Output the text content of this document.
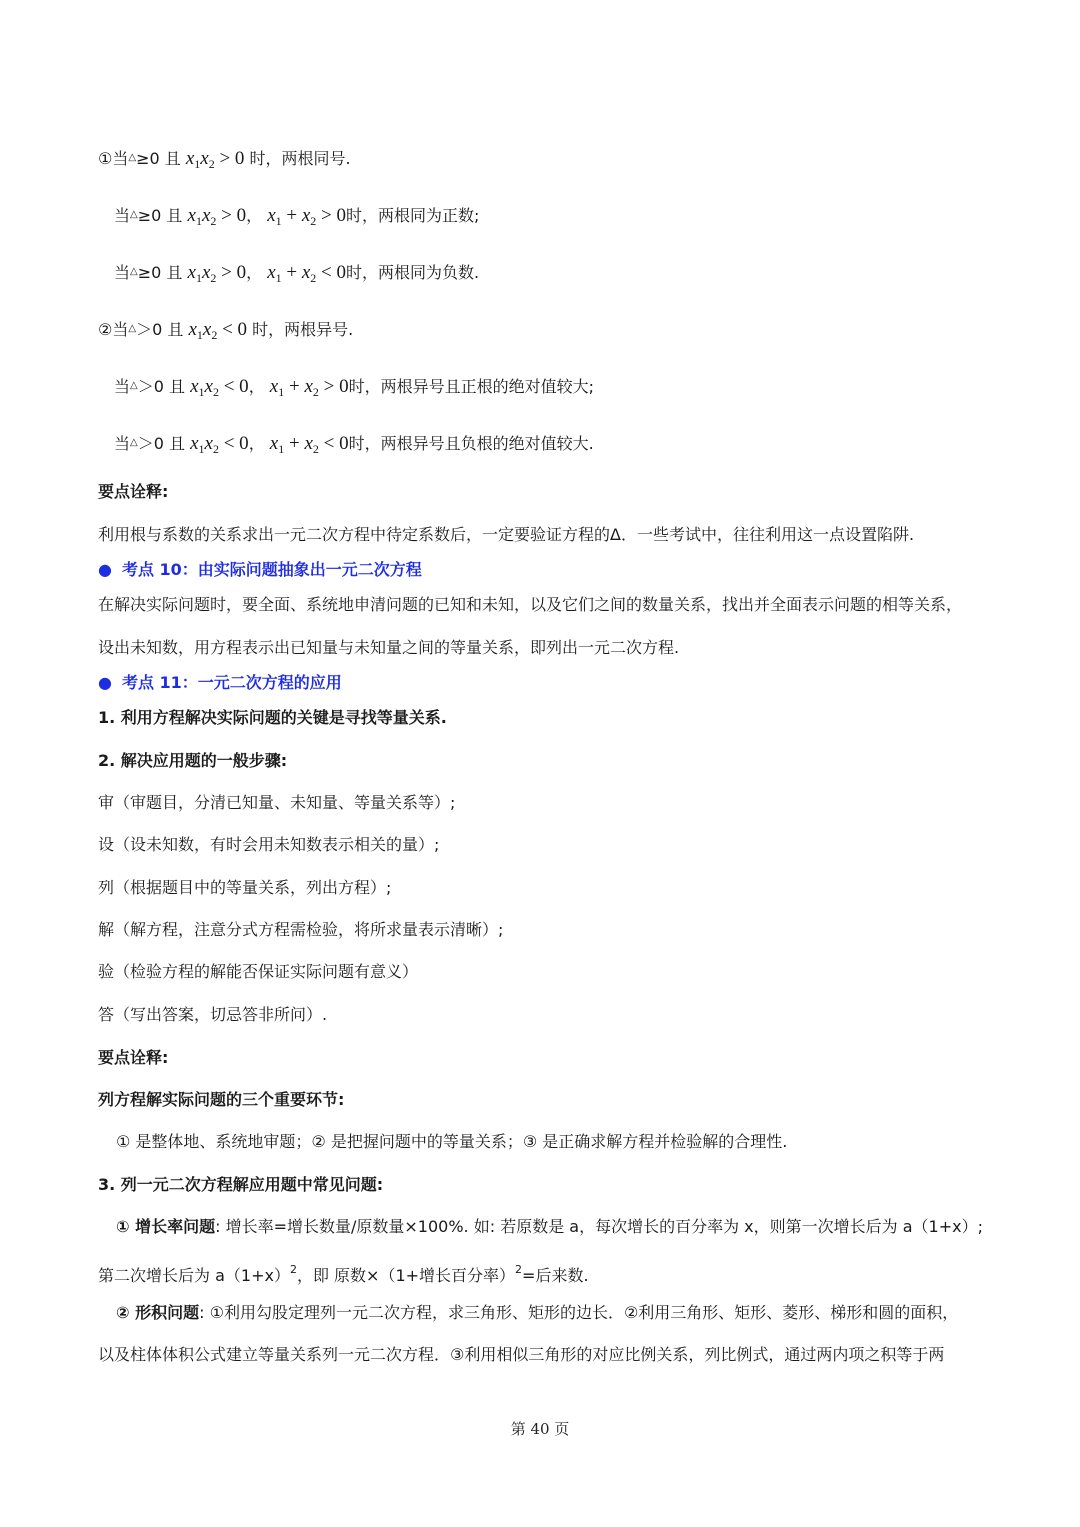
①当△≥0 且 $x_1x_2 > 0$ 时，两根同号.
当△≥0 且 $x_1x_2 > 0$， $x_1 + x_2 > 0$时，两根同为正数;
当△≥0 且 $x_1x_2 > 0$， $x_1 + x_2 < 0$时，两根同为负数.
②当△＞0 且 $x_1x_2 < 0$ 时，两根异号.
当△＞0 且 $x_1x_2 < 0$， $x_1 + x_2 > 0$时，两根异号且正根的绝对值较大;
当△＞0 且 $x_1x_2 < 0$， $x_1 + x_2 < 0$时，两根异号且负根的绝对值较大.
要点诠释:
利用根与系数的关系求出一元二次方程中待定系数后，一定要验证方程的Δ．一些考试中，往往利用这一点设置陷阱.
● 考点 10：由实际问题抽象出一元二次方程
在解决实际问题时，要全面、系统地申清问题的已知和未知，以及它们之间的数量关系，找出并全面表示问题的相等关系，
设出未知数，用方程表示出已知量与未知量之间的等量关系，即列出一元二次方程.
● 考点 11：一元二次方程的应用
1. 利用方程解决实际问题的关键是寻找等量关系.
2. 解决应用题的一般步骤:
审（审题目，分清已知量、未知量、等量关系等）;
设（设未知数，有时会用未知数表示相关的量）;
列（根据题目中的等量关系，列出方程）;
解（解方程，注意分式方程需检验，将所求量表示清晰）;
验（检验方程的解能否保证实际问题有意义）
答（写出答案，切忌答非所问）.
要点诠释:
列方程解实际问题的三个重要环节:
① 是整体地、系统地审题；② 是把握问题中的等量关系；③ 是正确求解方程并检验解的合理性.
3. 列一元二次方程解应用题中常见问题:
① 增长率问题: 增长率=增长数量/原数量×100%. 如: 若原数是 a，每次增长的百分率为 x，则第一次增长后为 a（1+x）;
第二次增长后为 $a(1+x)^2$，即 原数×（1+增长百分率）$^2$=后来数.
② 形积问题: ①利用勾股定理列一元二次方程，求三角形、矩形的边长．②利用三角形、矩形、菱形、梯形和圆的面积，
以及柱体体积公式建立等量关系列一元二次方程．③利用相似三角形的对应比例关系，列比例式，通过两内项之积等于两
第 40 页
